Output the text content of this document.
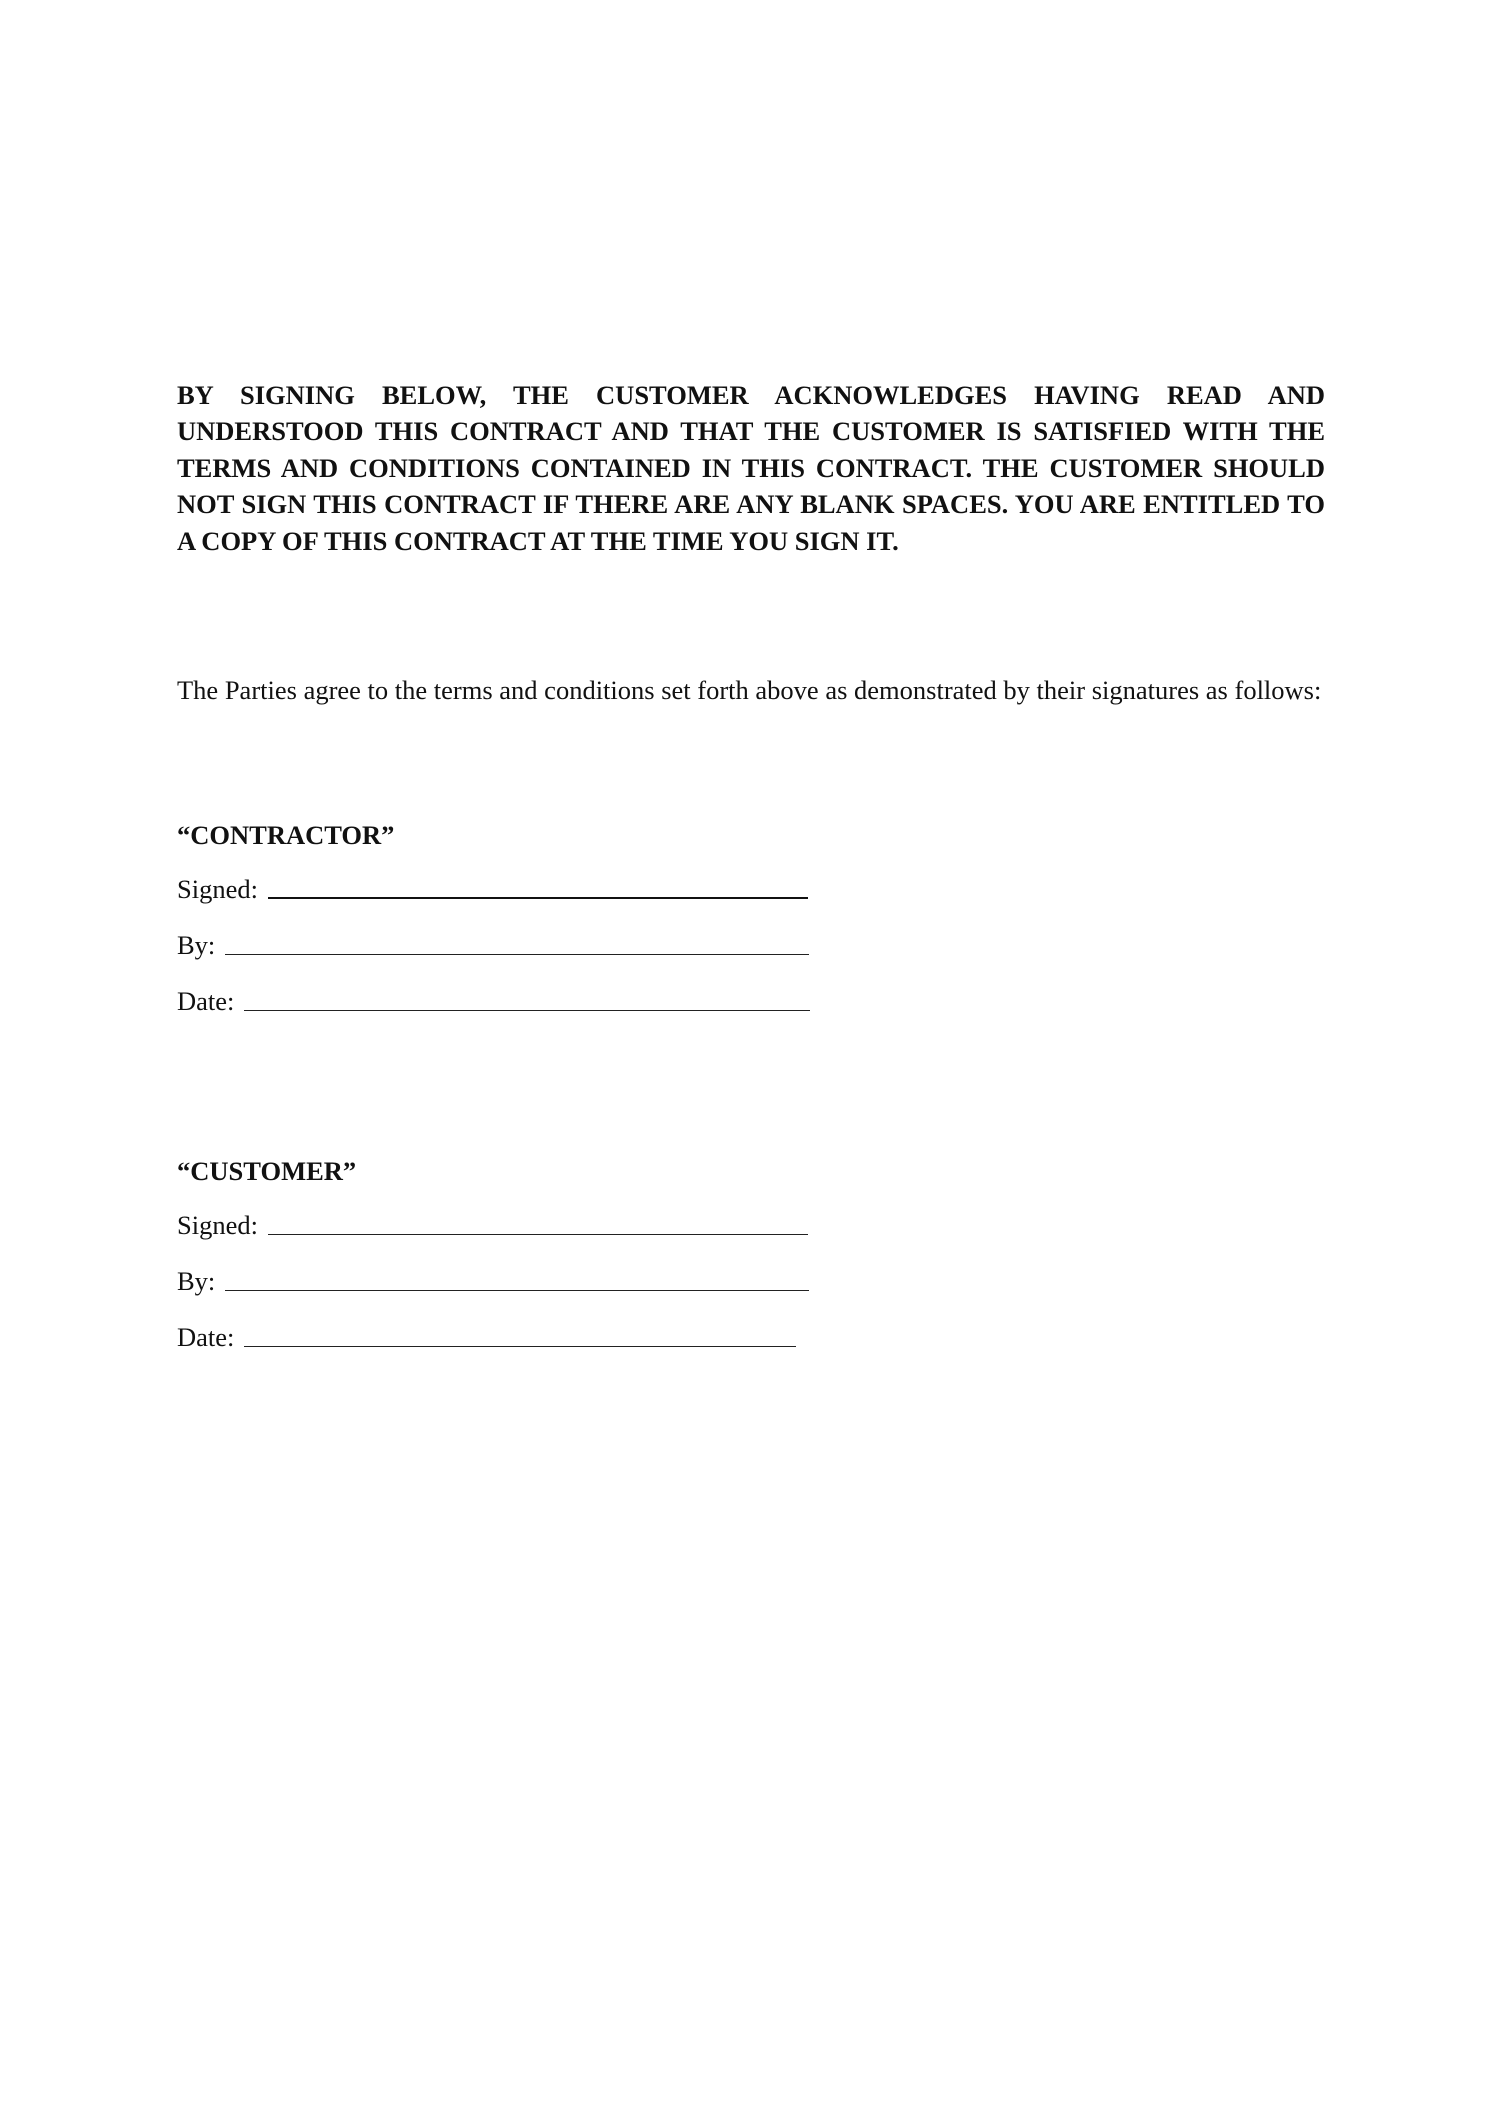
BY SIGNING BELOW, THE CUSTOMER ACKNOWLEDGES HAVING READ AND UNDERSTOOD THIS CONTRACT AND THAT THE CUSTOMER IS SATISFIED WITH THE TERMS AND CONDITIONS CONTAINED IN THIS CONTRACT. THE CUSTOMER SHOULD NOT SIGN THIS CONTRACT IF THERE ARE ANY BLANK SPACES. YOU ARE ENTITLED TO A COPY OF THIS CONTRACT AT THE TIME YOU SIGN IT.

The Parties agree to the terms and conditions set forth above as demonstrated by their signatures as follows:

“CONTRACTOR”

Signed:
By:
Date:

“CUSTOMER”

Signed:
By:
Date:
